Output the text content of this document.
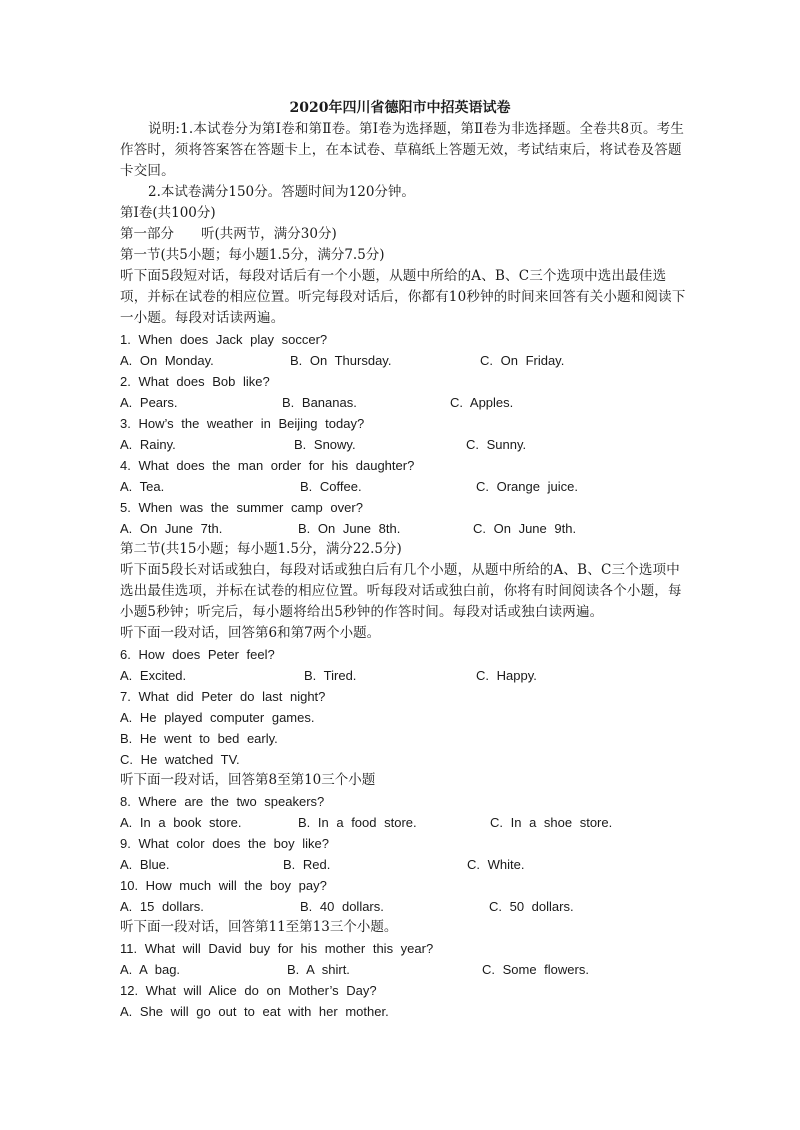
2020年四川省德阳市中招英语试卷
说明:1.本试卷分为第Ⅰ卷和第Ⅱ卷。第Ⅰ卷为选择题，第Ⅱ卷为非选择题。全卷共8页。考生作答时，须将答案答在答题卡上，在本试卷、草稿纸上答题无效，考试结束后，将试卷及答题卡交回。
2.本试卷满分150分。答题时间为120分钟。
第Ⅰ卷(共100分)
第一部分　　听(共两节，满分30分)
第一节(共5小题；每小题1.5分，满分7.5分)
听下面5段短对话，每段对话后有一个小题，从题中所给的A、B、C三个选项中选出最佳选项，并标在试卷的相应位置。听完每段对话后，你都有10秒钟的时间来回答有关小题和阅读下一小题。每段对话读两遍。
1. When does Jack play soccer?
A. On Monday.	B. On Thursday.	C. On Friday.
2. What does Bob like?
A. Pears.	B. Bananas.	C. Apples.
3. How’s the weather in Beijing today?
A. Rainy.	B. Snowy.	C. Sunny.
4. What does the man order for his daughter?
A. Tea.	B. Coffee.	C. Orange juice.
5. When was the summer camp over?
A. On June 7th.	B. On June 8th.	C. On June 9th.
第二节(共15小题；每小题1.5分，满分22.5分)
听下面5段长对话或独白，每段对话或独白后有几个小题，从题中所给的A、B、C三个选项中选出最佳选项，并标在试卷的相应位置。听每段对话或独白前，你将有时间阅读各个小题，每小题5秒钟；听完后，每小题将给出5秒钟的作答时间。每段对话或独白读两遍。
听下面一段对话，回答第6和第7两个小题。
6. How does Peter feel?
A. Excited.	B. Tired.	C. Happy.
7. What did Peter do last night?
A. He played computer games.
B. He went to bed early.
C. He watched TV.
听下面一段对话，回答第8至第10三个小题
8. Where are the two speakers?
A. In a book store.	B. In a food store.	C. In a shoe store.
9. What color does the boy like?
A. Blue.	B. Red.	C. White.
10. How much will the boy pay?
A. 15 dollars.	B. 40 dollars.	C. 50 dollars.
听下面一段对话，回答第11至第13三个小题。
11. What will David buy for his mother this year?
A. A bag.	B. A shirt.	C. Some flowers.
12. What will Alice do on Mother’s Day?
A. She will go out to eat with her mother.
